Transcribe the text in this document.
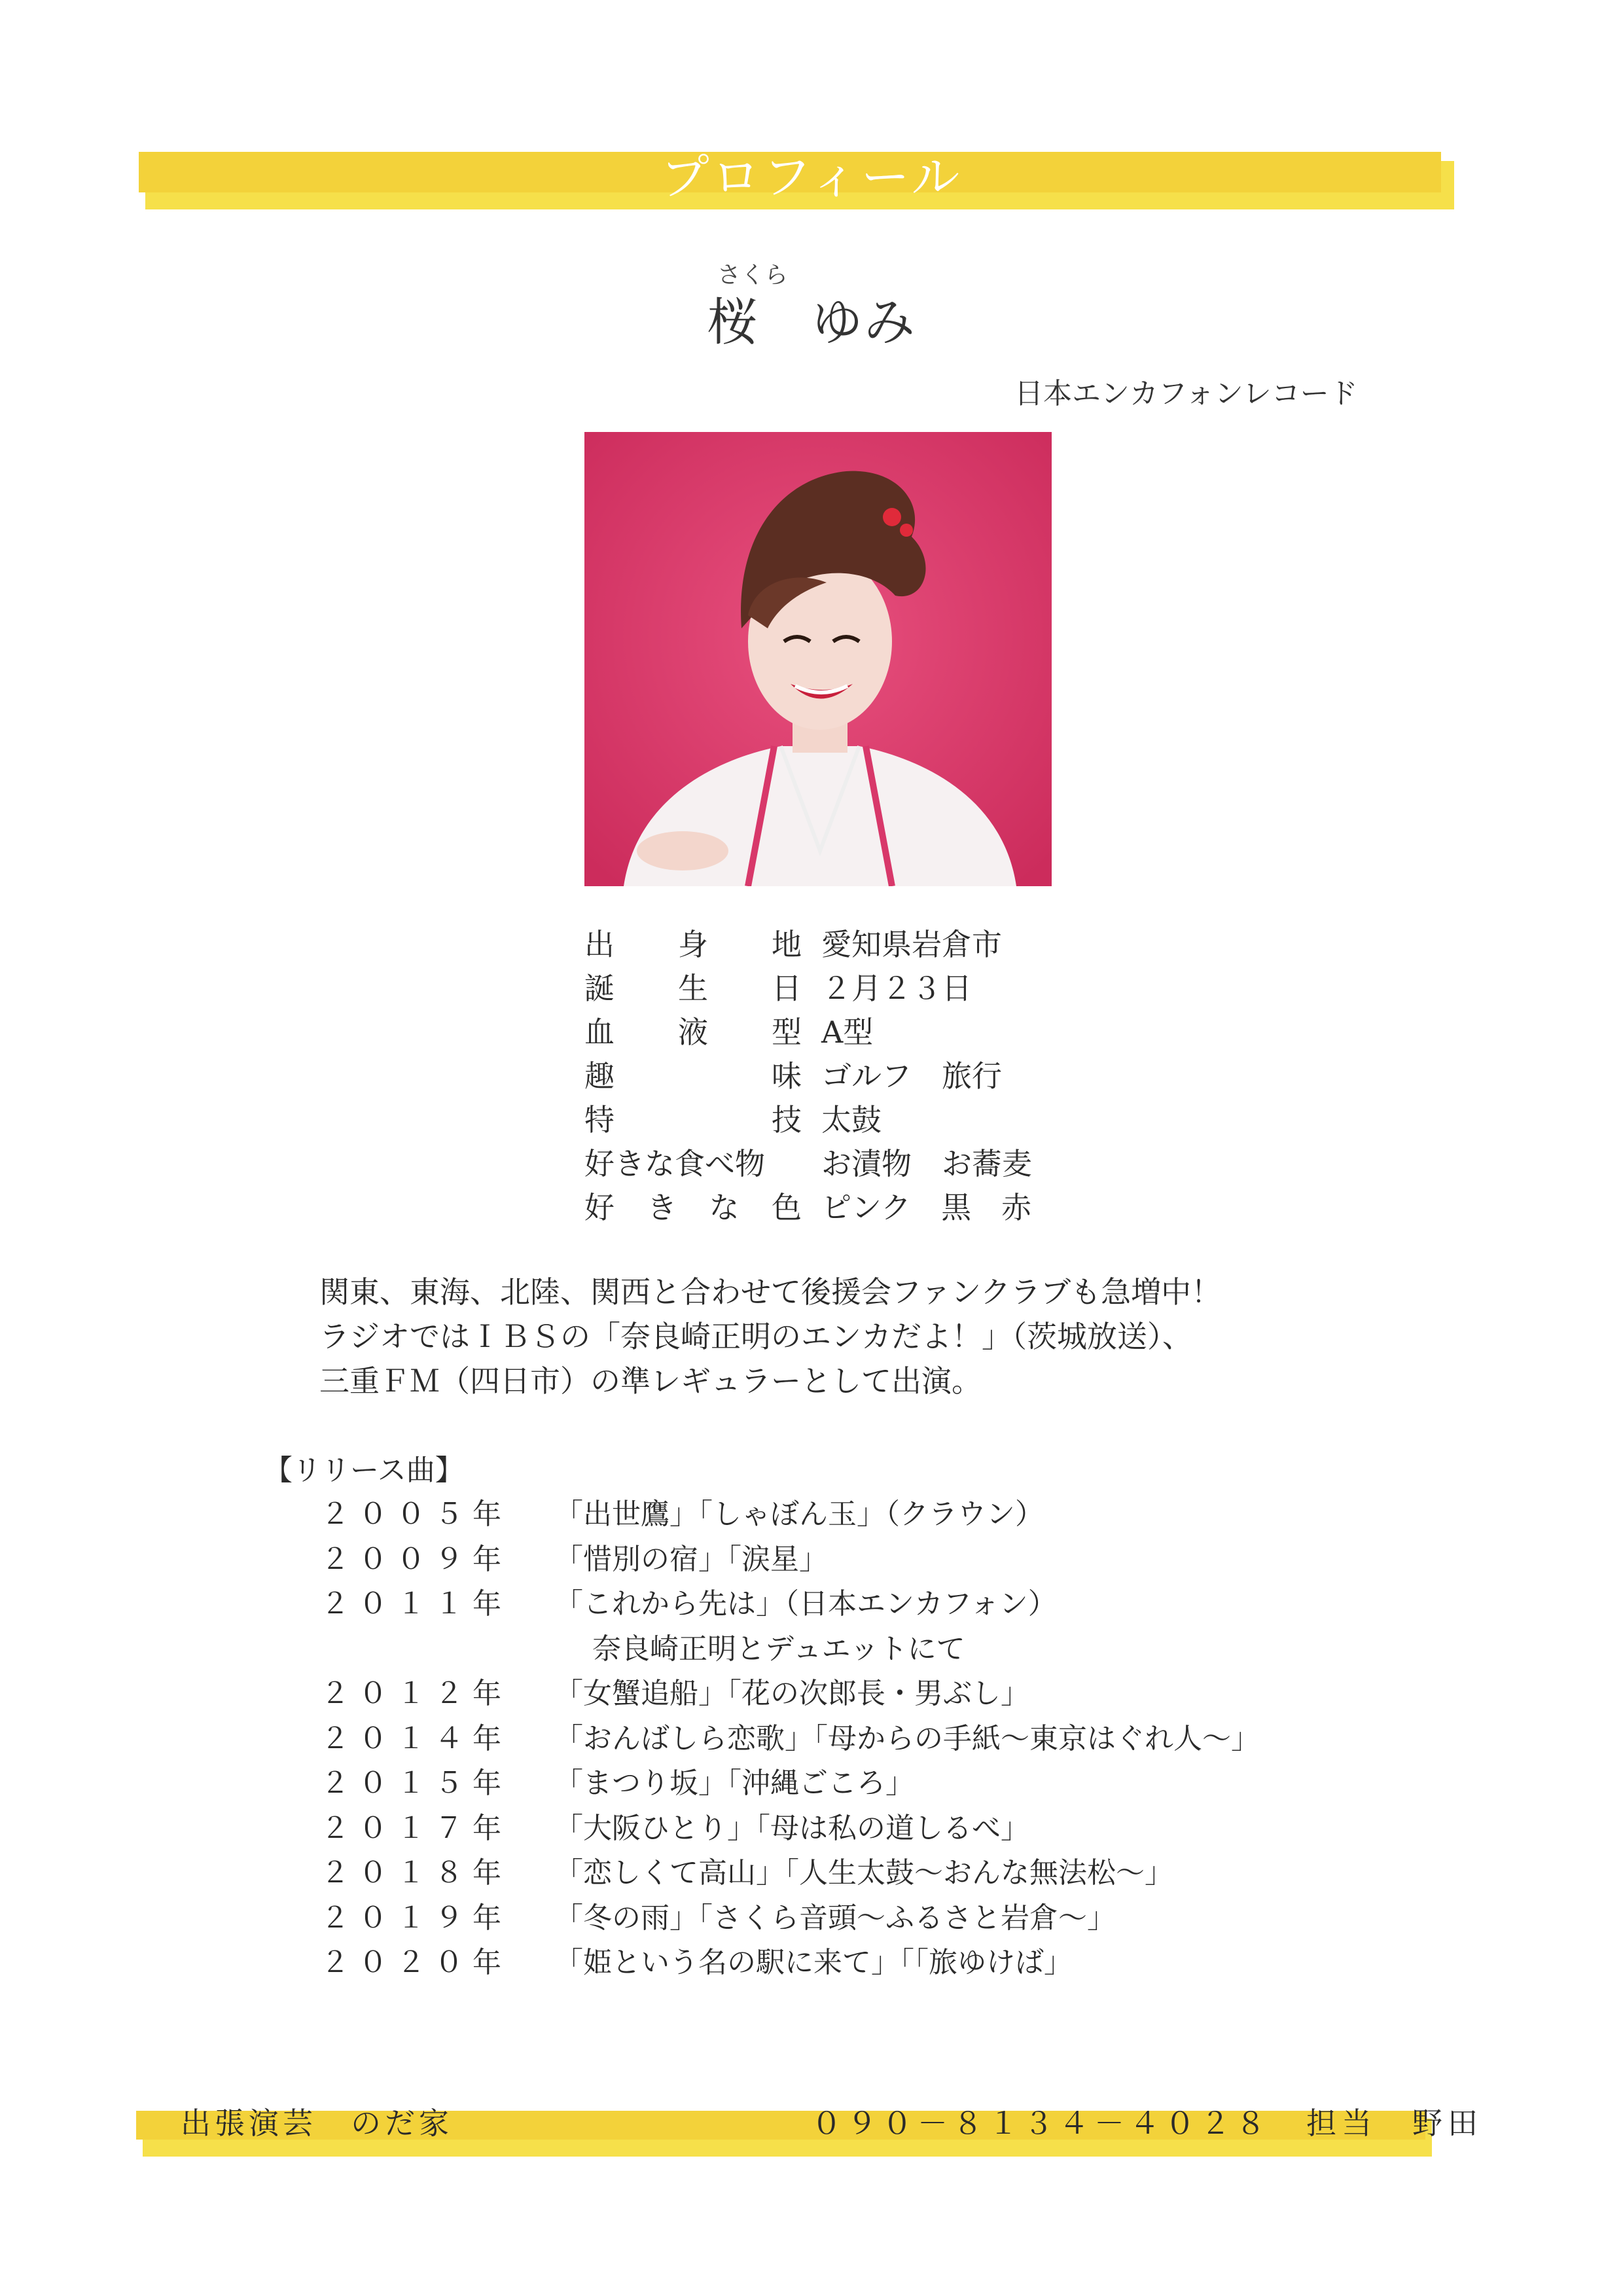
プロフィール
さくら
桜　ゆみ
日本エンカフォンレコード
出 身 地 愛知県岩倉市
誕 生 日 ２月２３日
血 液 型 A型
趣	味 ゴルフ　旅行
特	技 太鼓
好きな食べ物 お漬物　お蕎麦
好 き な 色 ピンク　黒　赤
関東、東海、北陸、関西と合わせて後援会ファンクラブも急増中！
ラジオではＩＢＳの「奈良崎正明のエンカだよ！」（茨城放送）、
三重ＦＭ（四日市）の準レギュラーとして出演。
【リリース曲】
２００５年	「出世鷹」「しゃぼん玉」（クラウン）
２００９年	「惜別の宿」「涙星」
２０１１年	「これから先は」（日本エンカフォン）
　 奈良崎正明とデュエットにて
２０１２年	「女蟹追船」「花の次郎長・男ぶし」
２０１４年	「おんばしら恋歌」「母からの手紙〜東京はぐれ人〜」
２０１５年	「まつり坂」「沖縄ごころ」
２０１７年	「大阪ひとり」「母は私の道しるべ」
２０１８年	「恋しくて高山」「人生太鼓〜おんな無法松〜」
２０１９年	「冬の雨」「さくら音頭〜ふるさと岩倉〜」
２０２０年	「姫という名の駅に来て」「「旅ゆけば」
出張演芸　のだ家	０９０－８１３４－４０２８　担当　野田
